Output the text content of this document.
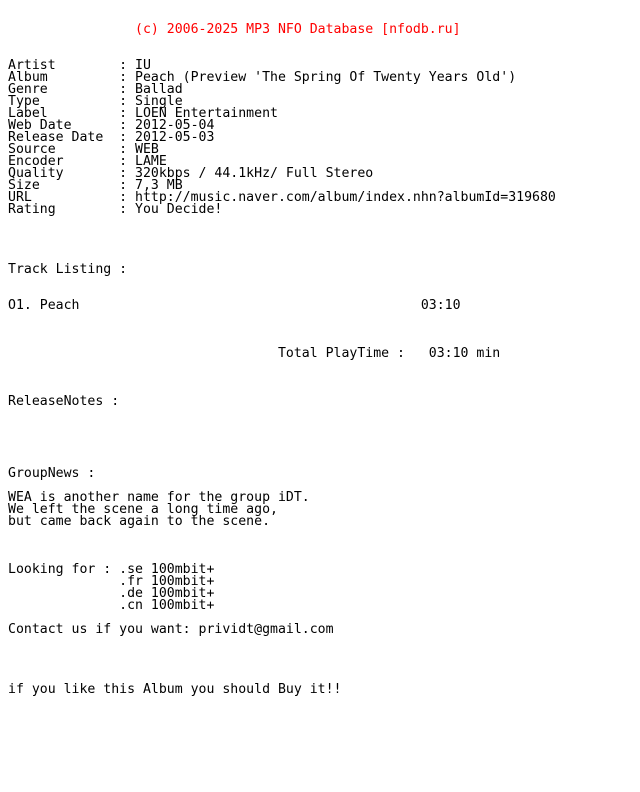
(c) 2006-2025 MP3 NFO Database [nfodb.ru]

Artist        : IU
Album         : Peach (Preview 'The Spring Of Twenty Years Old')
Genre         : Ballad
Type          : Single
Label         : LOEN Entertainment
Web Date      : 2012-05-04
Release Date  : 2012-05-03
Source        : WEB
Encoder       : LAME
Quality       : 320kbps / 44.1kHz/ Full Stereo
Size          : 7,3 MB
URL           : http://music.naver.com/album/index.nhn?albumId=319680
Rating        : You Decide!

Track Listing :

O1. Peach                                           03:10

Total PlayTime :   03:10 min

ReleaseNotes :

GroupNews :

WEA is another name for the group iDT.
We left the scene a long time ago,
but came back again to the scene.

Looking for : .se 100mbit+
.fr 100mbit+
.de 100mbit+
.cn 100mbit+

Contact us if you want: prividt@gmail.com

if you like this Album you should Buy it!!
